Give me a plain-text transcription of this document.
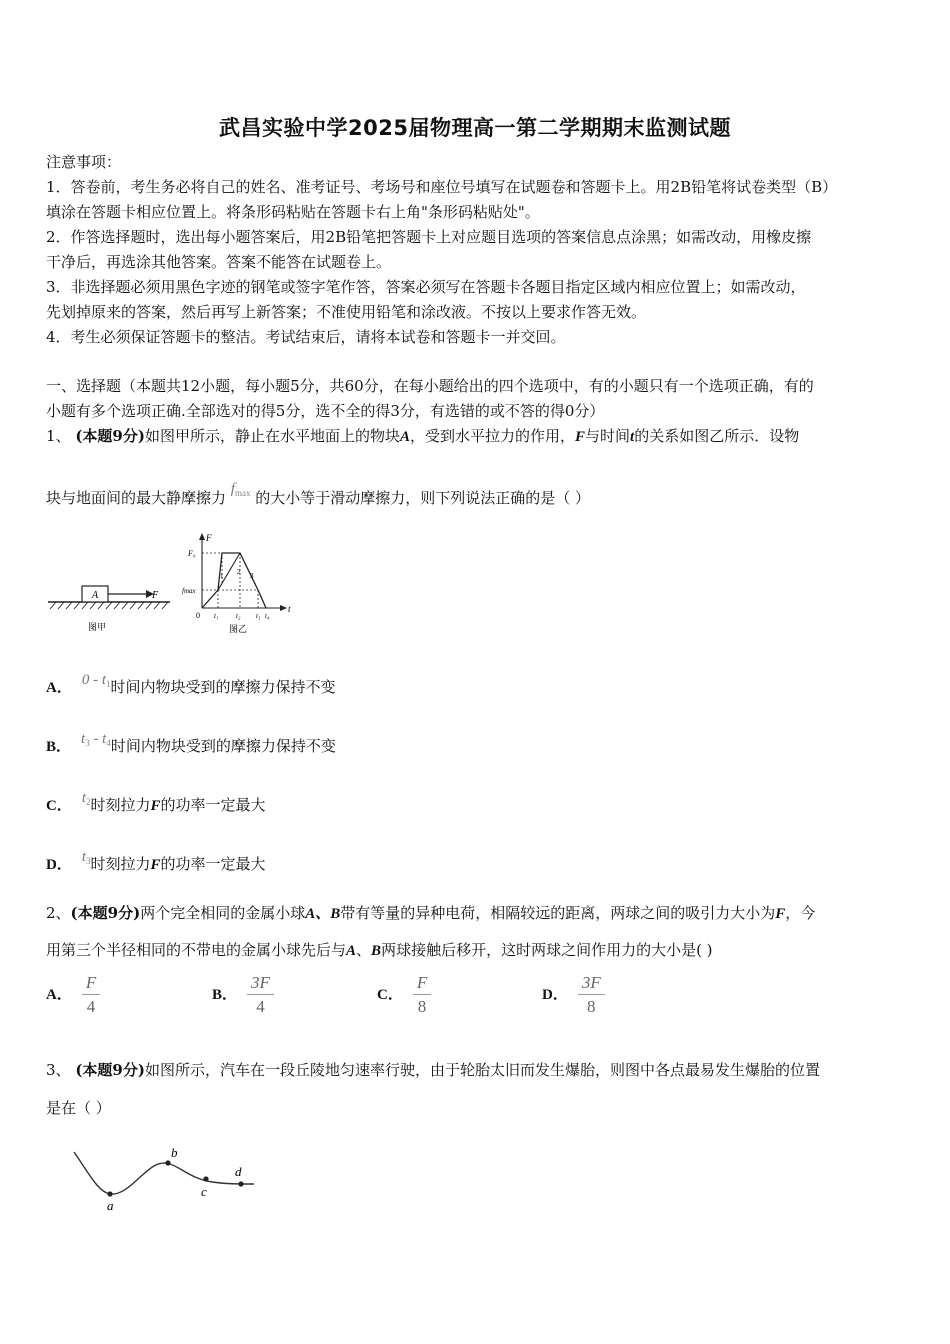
武昌实验中学2025届物理高一第二学期期末监测试题
注意事项：
1．答卷前，考生务必将自己的姓名、准考证号、考场号和座位号填写在试题卷和答题卡上。用2B铅笔将试卷类型（B）
填涂在答题卡相应位置上。将条形码粘贴在答题卡右上角"条形码粘贴处"。
2．作答选择题时，选出每小题答案后，用2B铅笔把答题卡上对应题目选项的答案信息点涂黑；如需改动，用橡皮擦
干净后，再选涂其他答案。答案不能答在试题卷上。
3．非选择题必须用黑色字迹的钢笔或签字笔作答，答案必须写在答题卡各题目指定区域内相应位置上；如需改动，
先划掉原来的答案，然后再写上新答案；不准使用铅笔和涂改液。不按以上要求作答无效。
4．考生必须保证答题卡的整洁。考试结束后，请将本试卷和答题卡一并交回。
一、选择题（本题共12小题，每小题5分，共60分，在每小题给出的四个选项中，有的小题只有一个选项正确，有的
小题有多个选项正确.全部选对的得5分，选不全的得3分，有选错的或不答的得0分）
1、 (本题9分)如图甲所示，静止在水平地面上的物块A，受到水平拉力的作用，F与时间t的关系如图乙所示．设物
块与地面间的最大静摩擦力 $f_{max}$ 的大小等于滑动摩擦力，则下列说法正确的是（ ）
A	F
图甲
F
t
F₀
fmax
0
1 2 3
t₁	t₂ t₃ t₄
图乙
A． $0 - t_1$时间内物块受到的摩擦力保持不变
B． $t_3 - t_4$时间内物块受到的摩擦力保持不变
C． $t_2$时刻拉力F的功率一定最大
D． $t_3$时刻拉力F的功率一定最大
2、(本题9分)两个完全相同的金属小球A、B带有等量的异种电荷，相隔较远的距离，两球之间的吸引力大小为F，今
用第三个半径相同的不带电的金属小球先后与A、B两球接触后移开，这时两球之间作用力的大小是( )
A． $\frac{F}{4}$	B． $\frac{3F}{4}$	C． $\frac{F}{8}$	D． $\frac{3F}{8}$
3、 (本题9分)如图所示，汽车在一段丘陵地匀速率行驶，由于轮胎太旧而发生爆胎，则图中各点最易发生爆胎的位置
是在（ ）
a
b
c
d
